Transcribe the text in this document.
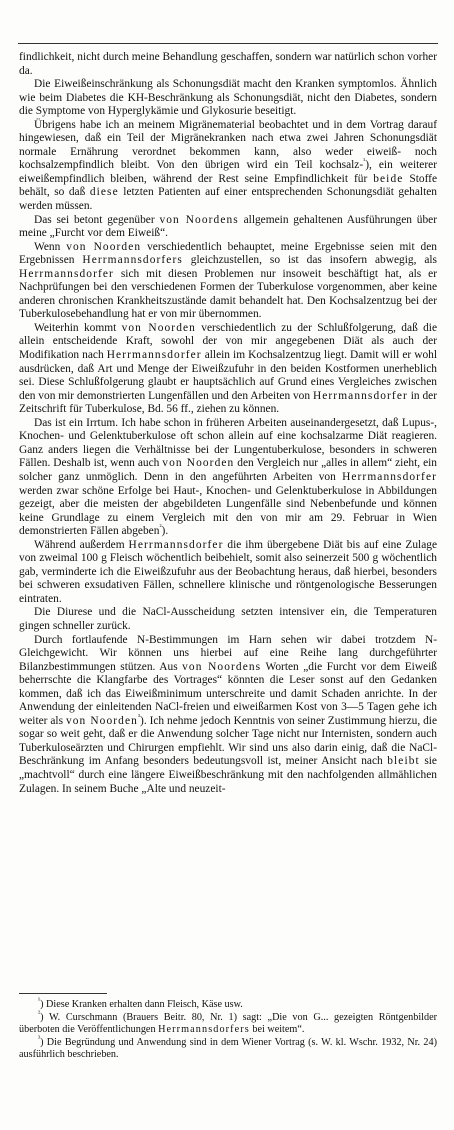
findlichkeit, nicht durch meine Behandlung geschaffen, sondern war natürlich schon vorher da.

Die Eiweißeinschränkung als Schonungsdiät macht den Kranken symptomlos. Ähnlich wie beim Diabetes die KH-Beschränkung als Schonungsdiät, nicht den Diabetes, sondern die Symptome von Hyperglykämie und Glykosurie beseitigt.

Übrigens habe ich an meinem Migränematerial beobachtet und in dem Vortrag darauf hingewiesen, daß ein Teil der Migränekranken nach etwa zwei Jahren Schonungsdiät normale Ernährung verordnet bekommen kann, also weder eiweiß- noch kochsalzempfindlich bleibt. Von den übrigen wird ein Teil kochsalz-$^{^1}$), ein weiterer eiweißempfindlich bleiben, während der Rest seine Empfindlichkeit für beide Stoffe behält, so daß diese letzten Patienten auf einer entsprechenden Schonungsdiät gehalten werden müssen.

Das sei betont gegenüber von Noordens allgemein gehaltenen Ausführungen über meine „Furcht vor dem Eiweiß“.

Wenn von Noorden verschiedentlich behauptet, meine Ergebnisse seien mit den Ergebnissen Herrmannsdorfers gleichzustellen, so ist das insofern abwegig, als Herrmannsdorfer sich mit diesen Problemen nur insoweit beschäftigt hat, als er Nachprüfungen bei den verschiedenen Formen der Tuberkulose vorgenommen, aber keine anderen chronischen Krankheitszustände damit behandelt hat. Den Kochsalzentzug bei der Tuberkulosebehandlung hat er von mir übernommen.

Weiterhin kommt von Noorden verschiedentlich zu der Schlußfolgerung, daß die allein entscheidende Kraft, sowohl der von mir angegebenen Diät als auch der Modifikation nach Herrmannsdorfer allein im Kochsalzentzug liegt. Damit will er wohl ausdrücken, daß Art und Menge der Eiweißzufuhr in den beiden Kostformen unerheblich sei. Diese Schlußfolgerung glaubt er hauptsächlich auf Grund eines Vergleiches zwischen den von mir demonstrierten Lungenfällen und den Arbeiten von Herrmannsdorfer in der Zeitschrift für Tuberkulose, Bd. 56 ff., ziehen zu können.

Das ist ein Irrtum. Ich habe schon in früheren Arbeiten auseinandergesetzt, daß Lupus-, Knochen- und Gelenktuberkulose oft schon allein auf eine kochsalzarme Diät reagieren. Ganz anders liegen die Verhältnisse bei der Lungentuberkulose, besonders in schweren Fällen. Deshalb ist, wenn auch von Noorden den Vergleich nur „alles in allem“ zieht, ein solcher ganz unmöglich. Denn in den angeführten Arbeiten von Herrmannsdorfer werden zwar schöne Erfolge bei Haut-, Knochen- und Gelenktuberkulose in Abbildungen gezeigt, aber die meisten der abgebildeten Lungenfälle sind Nebenbefunde und können keine Grundlage zu einem Vergleich mit den von mir am 29. Februar in Wien demonstrierten Fällen abgeben$^{^2}$).

Während außerdem Herrmannsdorfer die ihm übergebene Diät bis auf eine Zulage von zweimal 100 g Fleisch wöchentlich beibehielt, somit also seinerzeit 500 g wöchentlich gab, verminderte ich die Eiweißzufuhr aus der Beobachtung heraus, daß hierbei, besonders bei schweren exsudativen Fällen, schnellere klinische und röntgenologische Besserungen eintraten.

Die Diurese und die NaCl-Ausscheidung setzten intensiver ein, die Temperaturen gingen schneller zurück.

Durch fortlaufende N-Bestimmungen im Harn sehen wir dabei trotzdem N-Gleichgewicht. Wir können uns hierbei auf eine Reihe lang durchgeführter Bilanzbestimmungen stützen. Aus von Noordens Worten „die Furcht vor dem Eiweiß beherrschte die Klangfarbe des Vortrages“ könnten die Leser sonst auf den Gedanken kommen, daß ich das Eiweißminimum unterschreite und damit Schaden anrichte. In der Anwendung der einleitenden NaCl-freien und eiweißarmen Kost von 3—5 Tagen gehe ich weiter als von Noorden$^{^3}$). Ich nehme jedoch Kenntnis von seiner Zustimmung hierzu, die sogar so weit geht, daß er die Anwendung solcher Tage nicht nur Internisten, sondern auch Tuberkuloseärzten und Chirurgen empfiehlt. Wir sind uns also darin einig, daß die NaCl-Beschränkung im Anfang besonders bedeutungsvoll ist, meiner Ansicht nach bleibt sie „machtvoll“ durch eine längere Eiweißbeschränkung mit den nachfolgenden allmählichen Zulagen. In seinem Buche „Alte und neuzeit-

$^{^1}$) Diese Kranken erhalten dann Fleisch, Käse usw.

$^{^2}$) W. Curschmann (Brauers Beitr. 80, Nr. 1) sagt: „Die von G... gezeigten Röntgenbilder überboten die Veröffentlichungen Herrmannsdorfers bei weitem“.

$^{^3}$) Die Begründung und Anwendung sind in dem Wiener Vortrag (s. W. kl. Wschr. 1932, Nr. 24) ausführlich beschrieben.
